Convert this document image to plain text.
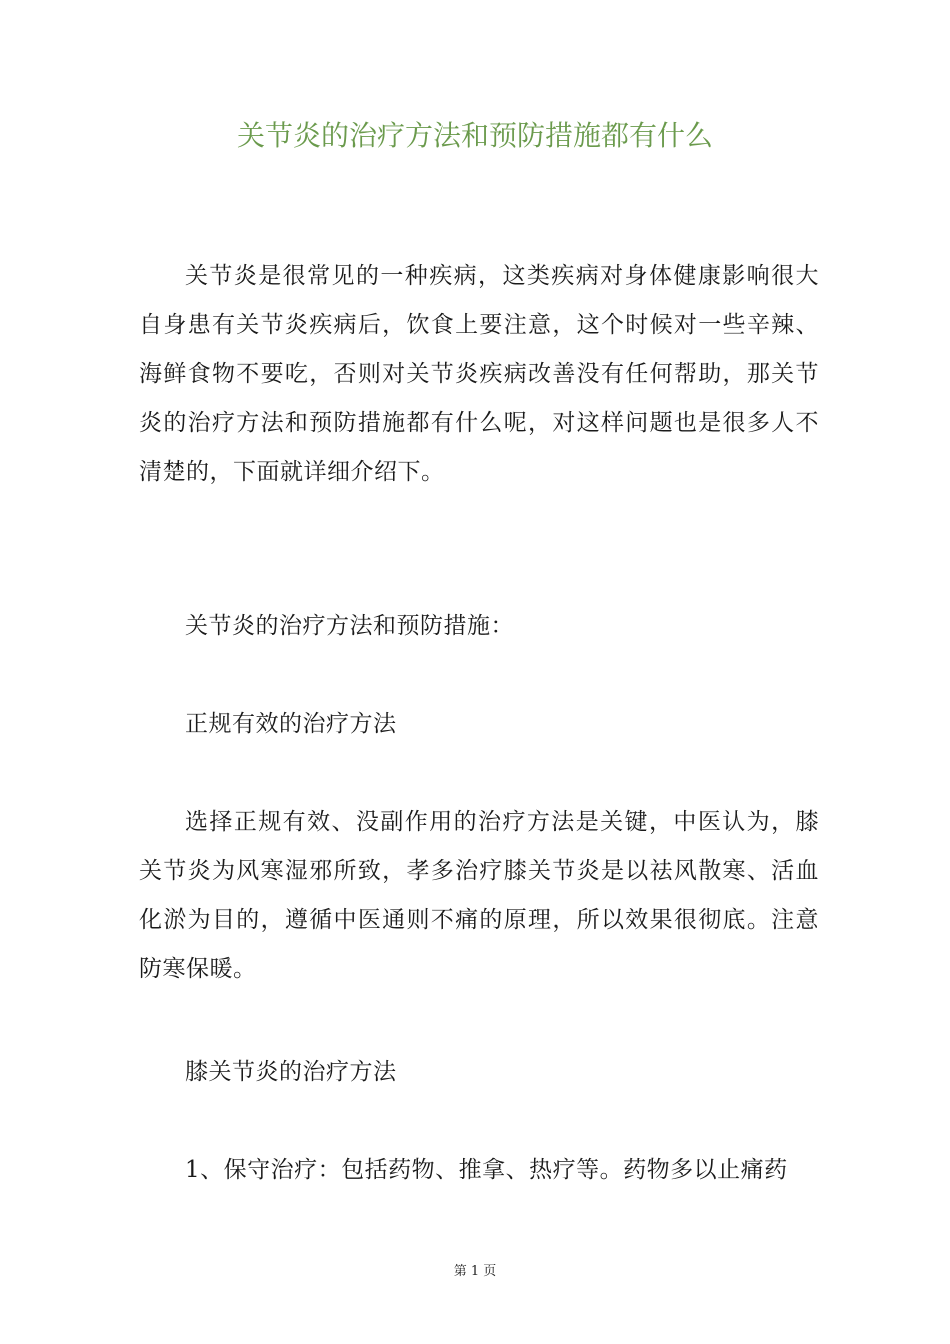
关节炎的治疗方法和预防措施都有什么

关节炎是很常见的一种疾病，这类疾病对身体健康影响很大自身患有关节炎疾病后，饮食上要注意，这个时候对一些辛辣、海鲜食物不要吃，否则对关节炎疾病改善没有任何帮助，那关节炎的治疗方法和预防措施都有什么呢，对这样问题也是很多人不清楚的，下面就详细介绍下。

关节炎的治疗方法和预防措施：

正规有效的治疗方法

选择正规有效、没副作用的治疗方法是关键，中医认为，膝关节炎为风寒湿邪所致，孝多治疗膝关节炎是以祛风散寒、活血化淤为目的，遵循中医通则不痛的原理，所以效果很彻底。注意防寒保暖。

膝关节炎的治疗方法

1、保守治疗：包括药物、推拿、热疗等。药物多以止痛药

第 1 页
